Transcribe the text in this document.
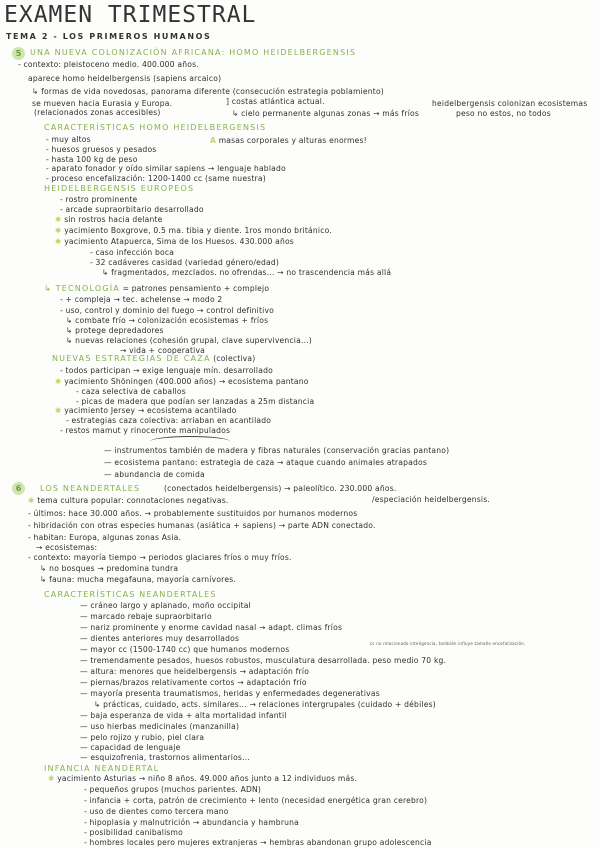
EXAMEN TRIMESTRAL
TEMA 2 - LOS PRIMEROS HUMANOS
5	UNA NUEVA COLONIZACIÓN AFRICANA: HOMO HEIDELBERGENSIS
- contexto: pleistoceno medio. 400.000 años.
aparece homo heidelbergensis (sapiens arcaico)
↳ formas de vida novedosas, panorama diferente (consecución estrategia poblamiento)
se mueven hacia Eurasia y Europa.
(relacionados zonas accesibles)
] costas atlántica actual.
↳ cielo permanente algunas zonas → más fríos
heidelbergensis colonizan ecosistemas
peso no estos, no todos
CARACTERÍSTICAS HOMO HEIDELBERGENSIS
- muy altos
- huesos gruesos y pesados
- hasta 100 kg de peso
- aparato fonador y oído similar sapiens → lenguaje hablado
- proceso encefalización: 1200-1400 cc (same nuestra)
A masas corporales y alturas enormes!
HEIDELBERGENSIS EUROPEOS
- rostro prominente
- arcade supraorbitario desarrollado
✱ sin rostros hacia delante
✱ yacimiento Boxgrove, 0.5 ma. tibia y diente. 1ros mondo británico.
✱ yacimiento Atapuerca, Sima de los Huesos. 430.000 años
- caso infección boca
- 32 cadáveres casidad (variedad género/edad)
↳ fragmentados, mezclados. no ofrendas... → no trascendencia más allá
↳ TECNOLOGÍA = patrones pensamiento + complejo
- + compleja → tec. achelense → modo 2
- uso, control y dominio del fuego → control definitivo
↳ combate frío → colonización ecosistemas + fríos
↳ protege depredadores
↳ nuevas relaciones (cohesión grupal, clave supervivencia...)
→ vida + cooperativa
NUEVAS ESTRATEGIAS DE CAZA (colectiva)
- todos participan → exige lenguaje mín. desarrollado
✱ yacimiento Shöningen (400.000 años) → ecosistema pantano
- caza selectiva de caballos
- picas de madera que podían ser lanzadas a 25m distancia
✱ yacimiento Jersey → ecosistema acantilado
- estrategias caza colectiva: arriaban en acantilado
- restos mamut y rinoceronte manipulados
— instrumentos también de madera y fibras naturales (conservación gracias pantano)
— ecosistema pantano: estrategia de caza → ataque cuando animales atrapados
— abundancia de comida
6	LOS NEANDERTALES	(conectados heidelbergensis) → paleolítico. 230.000 años.
✱ tema cultura popular: connotaciones negativas.	/especiación heidelbergensis.
- últimos: hace 30.000 años. → probablemente sustituidos por humanos modernos
- hibridación con otras especies humanas (asiática + sapiens) → parte ADN conectado.
- habitan: Europa, algunas zonas Asia.
→ ecosistemas:
- contexto: mayoría tiempo → periodos glaciares fríos o muy fríos.
↳ no bosques → predomina tundra
↳ fauna: mucha megafauna, mayoría carnívores.
CARACTERÍSTICAS NEANDERTALES
— cráneo largo y aplanado, moño occipital
— marcado rebaje supraorbitario
— nariz prominente y enorme cavidad nasal → adapt. climas fríos
— dientes anteriores muy desarrollados
— mayor cc (1500-1740 cc) que humanos modernos
cc no relacionado inteligencia, también influye tamaño encefalización.
— tremendamente pesados, huesos robustos, musculatura desarrollada. peso medio 70 kg.
— altura: menores que heidelbergensis → adaptación frío
— piernas/brazos relativamente cortos → adaptación frío
— mayoría presenta traumatismos, heridas y enfermedades degenerativas
↳ prácticas, cuidado, acts. similares... → relaciones intergrupales (cuidado + débiles)
— baja esperanza de vida + alta mortalidad infantil
— uso hierbas medicinales (manzanilla)
— pelo rojizo y rubio, piel clara
— capacidad de lenguaje
— esquizofrenia, trastornos alimentarios...
INFANCIA NEANDERTAL
✱ yacimiento Asturias → niño 8 años. 49.000 años junto a 12 individuos más.
- pequeños grupos (muchos parientes. ADN)
- infancia + corta, patrón de crecimiento + lento (necesidad energética gran cerebro)
- uso de dientes como tercera mano
- hipoplasia y malnutrición → abundancia y hambruna
- posibilidad canibalismo
- hombres locales pero mujeres extranjeras → hembras abandonan grupo adolescencia
